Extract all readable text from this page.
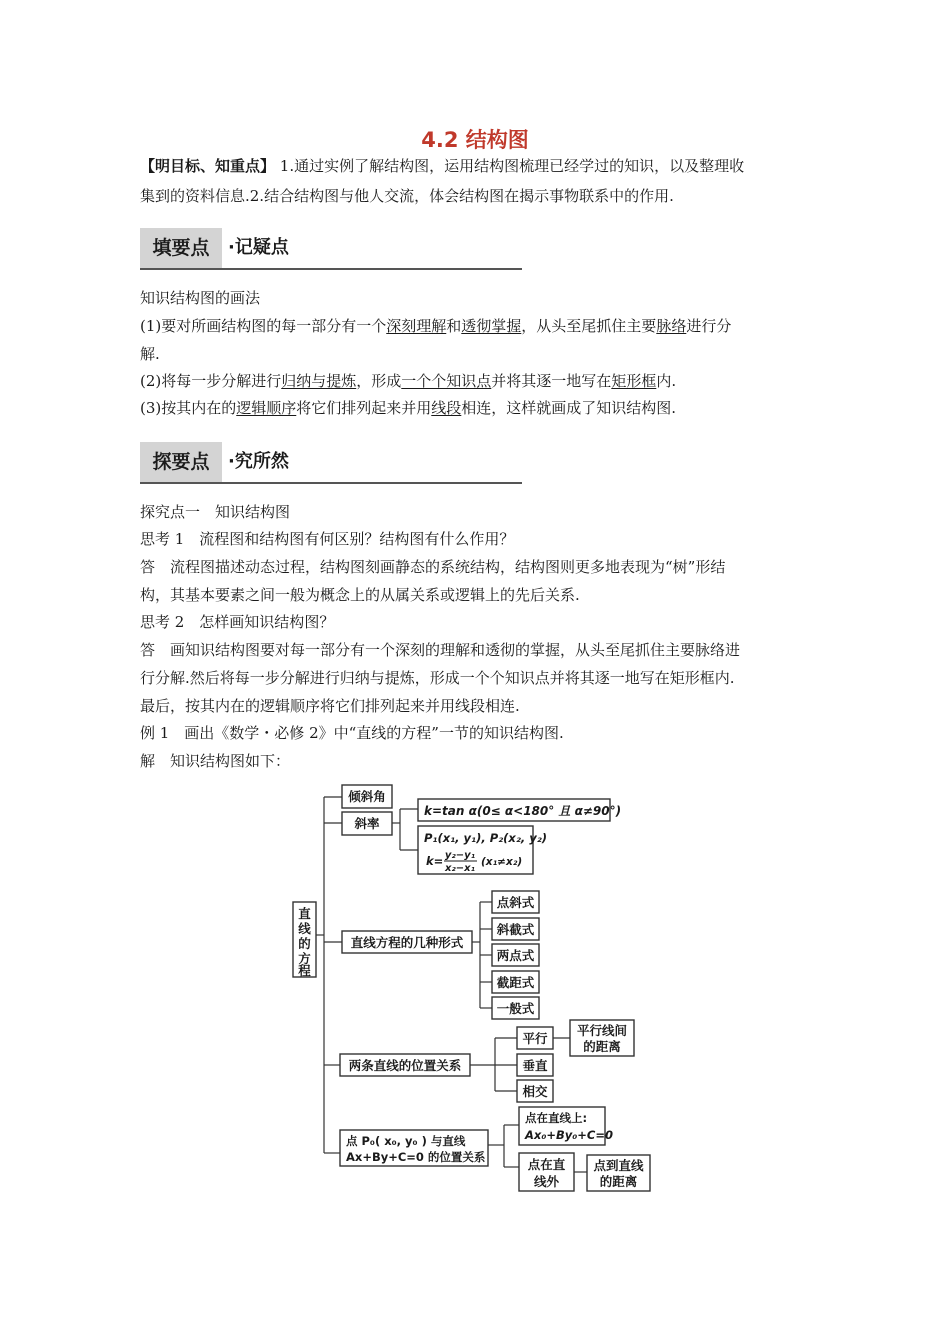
4.2 结构图
【明目标、知重点】 1.通过实例了解结构图，运用结构图梳理已经学过的知识，以及整理收
集到的资料信息.2.结合结构图与他人交流，体会结构图在揭示事物联系中的作用.
填要点	·记疑点
知识结构图的画法
(1)要对所画结构图的每一部分有一个深刻理解和透彻掌握，从头至尾抓住主要脉络进行分
解.
(2)将每一步分解进行归纳与提炼，形成一个个知识点并将其逐一地写在矩形框内.
(3)按其内在的逻辑顺序将它们排列起来并用线段相连，这样就画成了知识结构图.
探要点	·究所然
探究点一　知识结构图
思考 1　流程图和结构图有何区别？结构图有什么作用？
答　流程图描述动态过程，结构图刻画静态的系统结构，结构图则更多地表现为“树”形结
构，其基本要素之间一般为概念上的从属关系或逻辑上的先后关系.
思考 2　怎样画知识结构图？
答　画知识结构图要对每一部分有一个深刻的理解和透彻的掌握，从头至尾抓住主要脉络进
行分解.然后将每一步分解进行归纳与提炼，形成一个个知识点并将其逐一地写在矩形框内.
最后，按其内在的逻辑顺序将它们排列起来并用线段相连.
例 1　画出《数学・必修 2》中“直线的方程”一节的知识结构图.
解　知识结构图如下：
直
线
的
方
程
倾斜角
斜率
k=tan α(0≤ α<180° 且 α≠90°)
P₁(x₁, y₁), P₂(x₂, y₂)
k= y₂−y₁
x₂−x₁
(x₁≠x₂)
直线方程的几种形式
点斜式
斜截式
两点式
截距式
一般式
两条直线的位置关系
平行
平行线间
的距离
垂直
相交
点 P₀( x₀, y₀ ) 与直线
Ax+By+C=0 的位置关系
点在直线上:
Ax₀+By₀+C=0
点在直
线外
点到直线
的距离
